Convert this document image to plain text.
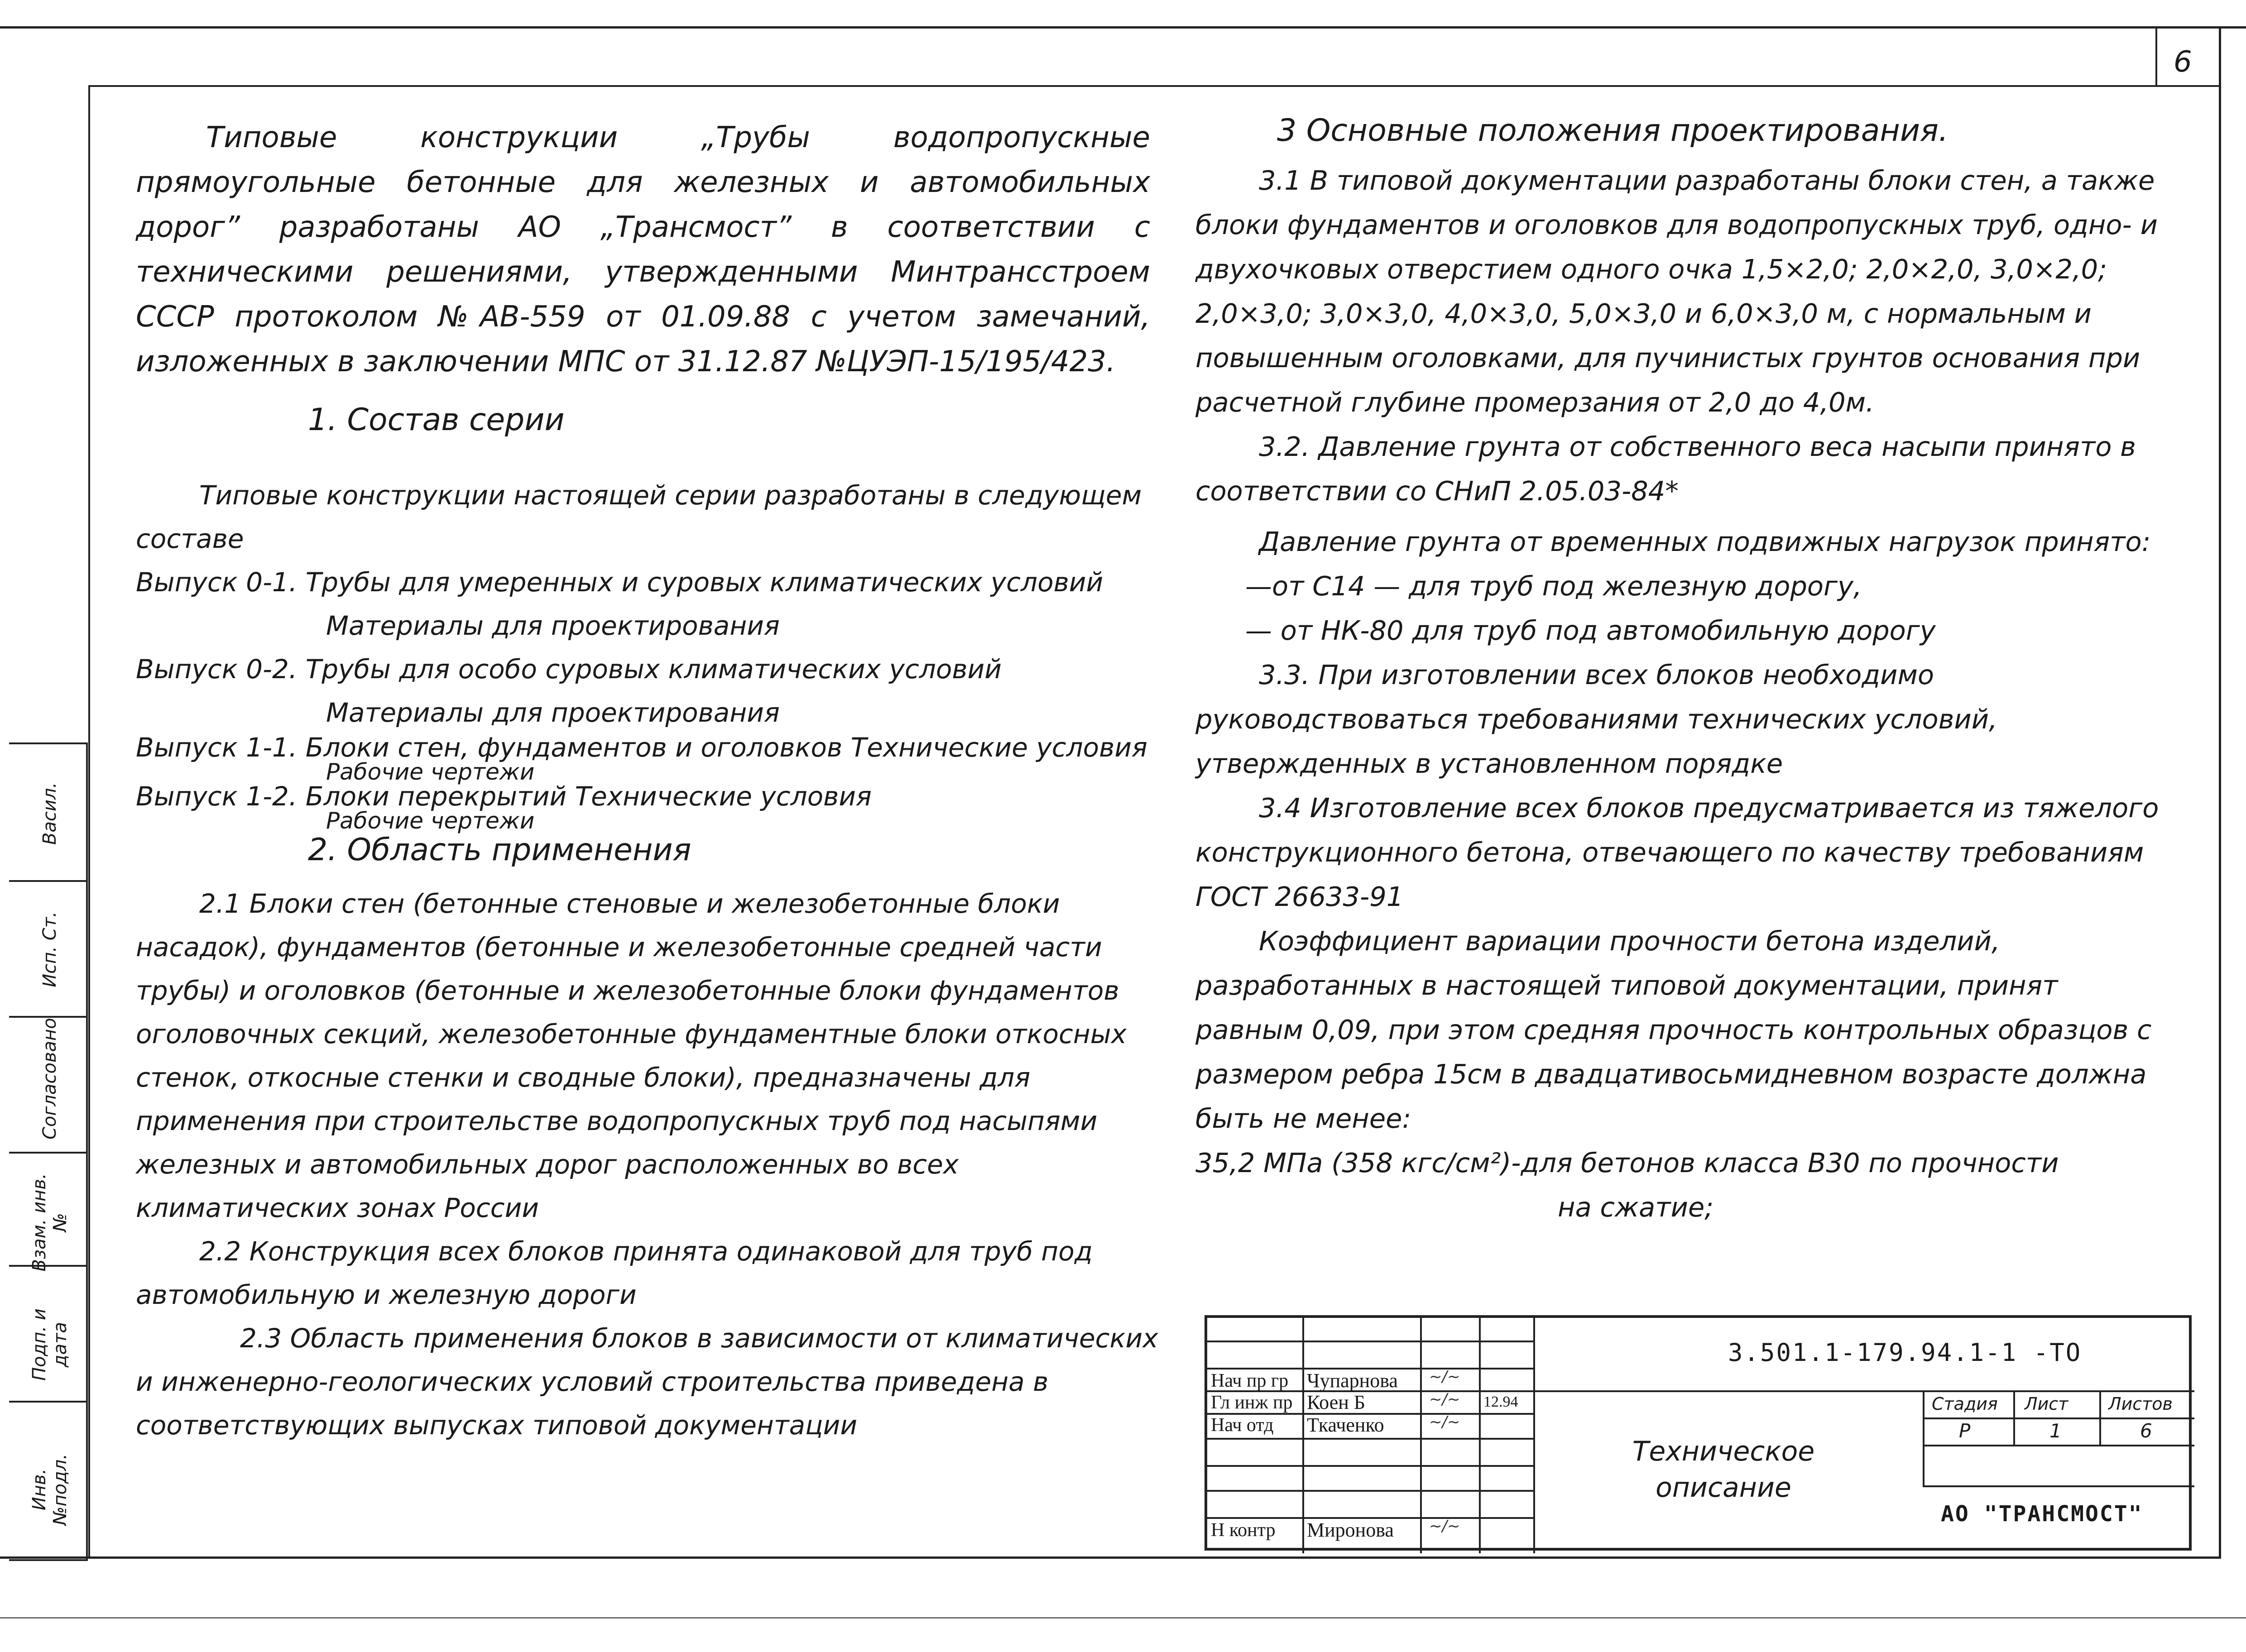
6

Типовые конструкции „Трубы водопропускные прямоугольные бетонные для железных и автомобильных дорог” разработаны АО „Трансмост” в соответствии с техническими решениями, утвержденными Минтрансстроем СССР протоколом №АВ-559 от 01.09.88 с учетом замечаний, изложенных в заключении МПС от 31.12.87 №ЦУЭП-15/195/423.

1. Состав серии

Типовые конструкции настоящей серии разработаны в следующем составе

Выпуск 0-1. Трубы для умеренных и суровых климатических условий

Материалы для проектирования

Выпуск 0-2. Трубы для особо суровых климатических условий

Материалы для проектирования

Выпуск 1-1. Блоки стен, фундаментов и оголовков Технические условия

Рабочие чертежи

Выпуск 1-2. Блоки перекрытий Технические условия

Рабочие чертежи

2. Область применения

2.1 Блоки стен (бетонные стеновые и железобетонные блоки насадок), фундаментов (бетонные и железобетонные средней части трубы) и оголовков (бетонные и железобетонные блоки фундаментов оголовочных секций, железобетонные фундаментные блоки откосных стенок, откосные стенки и сводные блоки), предназначены для применения при строительстве водопропускных труб под насыпями железных и автомобильных дорог расположенных во всех климатических зонах России

2.2 Конструкция всех блоков принята одинаковой для труб под автомобильную и железную дороги

2.3 Область применения блоков в зависимости от климатических и инженерно-геологических условий строительства приведена в соответствующих выпусках типовой документации

3 Основные положения проектирования.

3.1 В типовой документации разработаны блоки стен, а также блоки фундаментов и оголовков для водопропускных труб, одно- и двухочковых отверстием одного очка 1,5×2,0; 2,0×2,0, 3,0×2,0; 2,0×3,0; 3,0×3,0, 4,0×3,0, 5,0×3,0 и 6,0×3,0 м, с нормальным и повышенным оголовками, для пучинистых грунтов основания при расчетной глубине промерзания от 2,0 до 4,0м.

3.2. Давление грунта от собственного веса насыпи принято в соответствии со СНиП 2.05.03-84*

Давление грунта от временных подвижных нагрузок принято:

—от С14 — для труб под железную дорогу,

— от НК-80 для труб под автомобильную дорогу

3.3. При изготовлении всех блоков необходимо руководствоваться требованиями технических условий, утвержденных в установленном порядке

3.4 Изготовление всех блоков предусматривается из тяжелого конструкционного бетона, отвечающего по качеству требованиям ГОСТ 26633-91

Коэффициент вариации прочности бетона изделий, разработанных в настоящей типовой документации, принят равным 0,09, при этом средняя прочность контрольных образцов с размером ребра 15см в двадцативосьмидневном возрасте должна быть не менее:

35,2 МПа (358 кгс/см²)-для бетонов класса В30 по прочности

на сжатие;

Васил.
Исп. Ст.
Согласовано
Взам. инв.№
Подп. и дата
Инв.№подл.
Нач пр гр Чупарнова
Гл инж пр Коен Б
Нач отд Ткаченко
Н контр Миронова
12.94
~/~
~/~
~/~
~/~
3.501.1-179.94.1-1 -ТО
Техническое
описание
Стадия Лист Листов
Р	1	6
АО "ТРАНСМОСТ"
